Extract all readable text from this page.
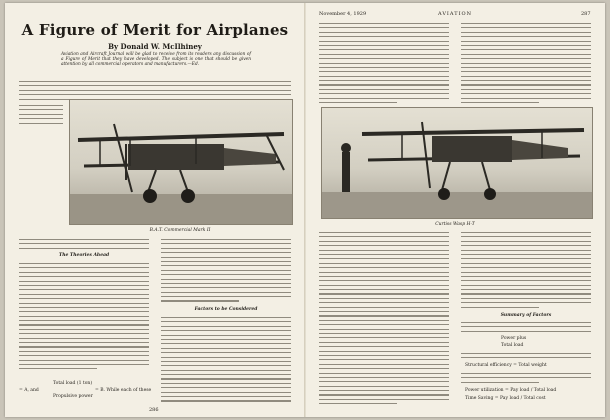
A Figure of Merit for Airplanes

By Donald W. McIlhiney

Aviation and Aircraft Journal will be glad to receive from its readers any discussion of a Figure of Merit that they have developed. The subject is one that should be given attention by all commercial operators and manufacturers.—Ed.

B.A.T. Commercial Mark II

The Theories Ahead

Total load (1 ton)

= A, and

Propulsive power

= B. While each of these

Factors to be Considered

286

November 4, 1929	AVIATION	287

Curtiss Wasp H-T

Summary of Factors

Power plus

Total load

Structural efficiency = Total weight

Power utilization = Pay load / Total load

Time Saving = Pay load / Total cost
